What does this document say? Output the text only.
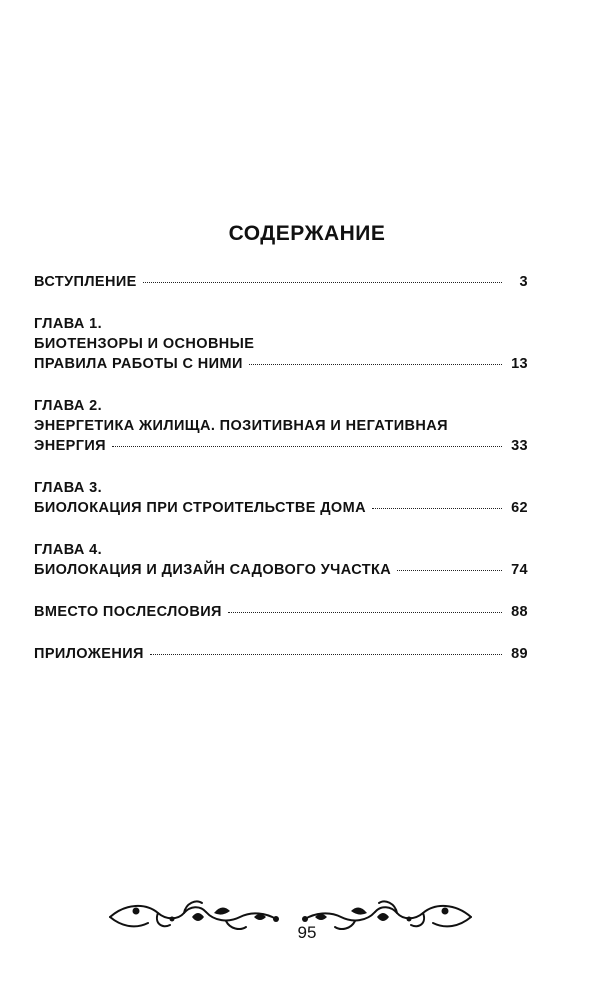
СОДЕРЖАНИЕ
ВСТУПЛЕНИЕ	3
ГЛАВА 1.
БИОТЕНЗОРЫ И ОСНОВНЫЕ
ПРАВИЛА РАБОТЫ С НИМИ	13
ГЛАВА 2.
ЭНЕРГЕТИКА ЖИЛИЩА. ПОЗИТИВНАЯ И НЕГАТИВНАЯ
ЭНЕРГИЯ	33
ГЛАВА 3.
БИОЛОКАЦИЯ ПРИ СТРОИТЕЛЬСТВЕ ДОМА	62
ГЛАВА 4.
БИОЛОКАЦИЯ И ДИЗАЙН САДОВОГО УЧАСТКА	74
ВМЕСТО ПОСЛЕСЛОВИЯ	88
ПРИЛОЖЕНИЯ	89
95
